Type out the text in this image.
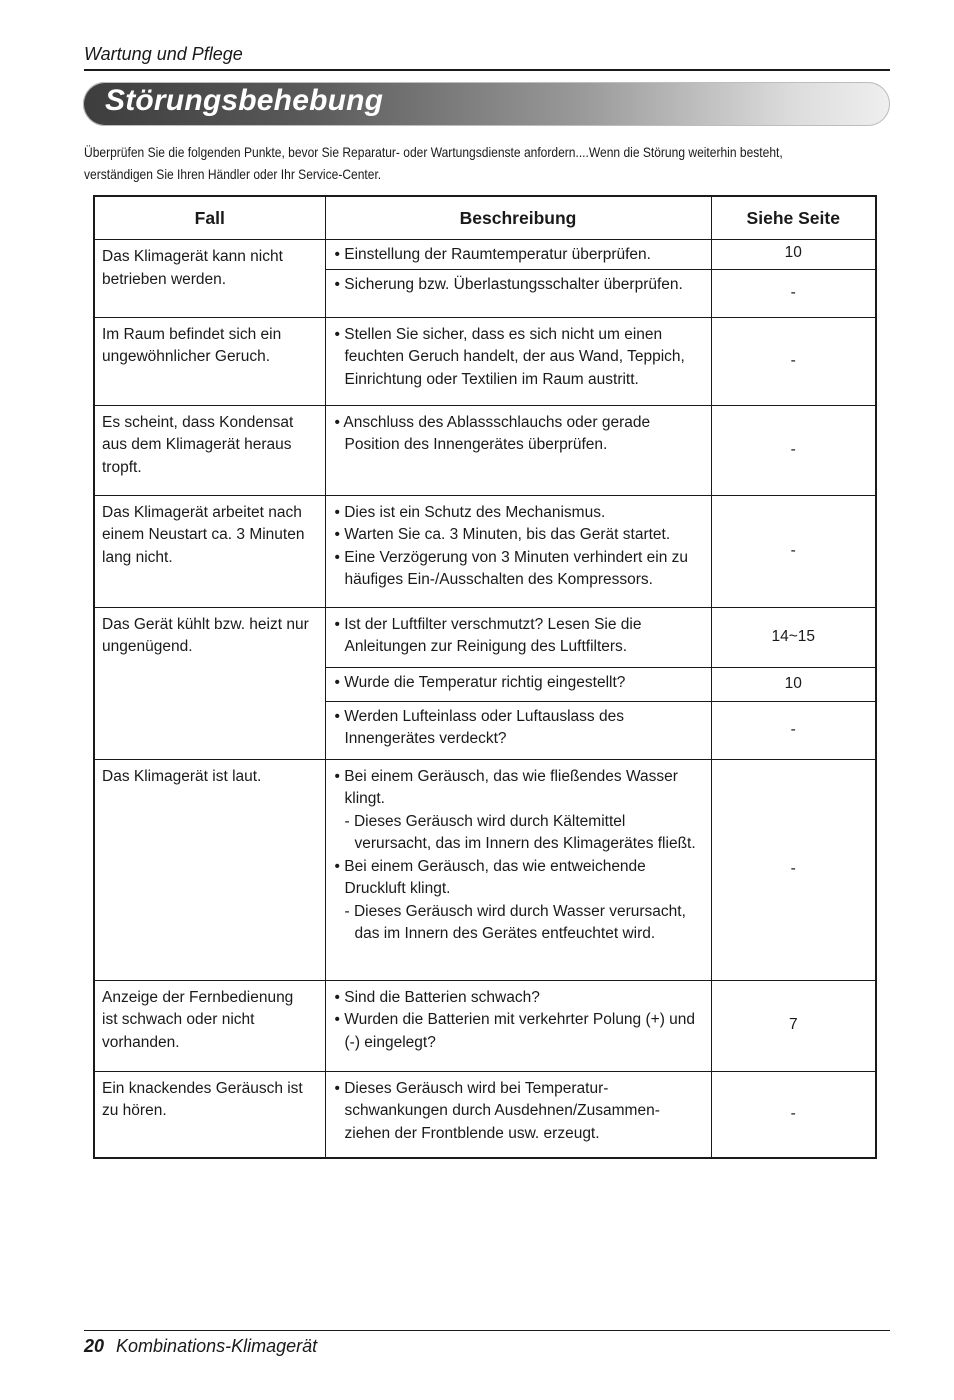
Wartung und Pflege
Störungsbehebung
Überprüfen Sie die folgenden Punkte, bevor Sie Reparatur- oder Wartungsdienste anfordern....Wenn die Störung weiterhin besteht,
verständigen Sie Ihren Händler oder Ihr Service-Center.
Fall	Beschreibung	Siehe Seite

Das Klimagerät kann nicht
betrieben werden.	• Einstellung der Raumtemperatur überprüfen.	10

	• Sicherung bzw. Überlastungsschalter überprüfen.	-

Im Raum befindet sich ein
ungewöhnlicher Geruch.	• Stellen Sie sicher, dass es sich nicht um einen feuchten Geruch handelt, der aus Wand, Teppich, Einrichtung oder Textilien im Raum austritt.	-

Es scheint, dass Kondensat
aus dem Klimagerät heraus
tropft.	• Anschluss des Ablassschlauchs oder gerade Position des Innengerätes überprüfen.	-

Das Klimagerät arbeitet nach
einem Neustart ca. 3 Minuten
lang nicht.	• Dies ist ein Schutz des Mechanismus.
• Warten Sie ca. 3 Minuten, bis das Gerät startet.
• Eine Verzögerung von 3 Minuten verhindert ein zu häufiges Ein-/Ausschalten des Kompressors.	-

Das Gerät kühlt bzw. heizt nur
ungenügend.	• Ist der Luftfilter verschmutzt? Lesen Sie die Anleitungen zur Reinigung des Luftfilters.	14~15

	• Wurde die Temperatur richtig eingestellt?	10

	• Werden Lufteinlass oder Luftauslass des Innengerätes verdeckt?	-

Das Klimagerät ist laut.	• Bei einem Geräusch, das wie fließendes Wasser klingt.
- Dieses Geräusch wird durch Kältemittel verursacht, das im Innern des Klimagerätes fließt.
• Bei einem Geräusch, das wie entweichende Druckluft klingt.
- Dieses Geräusch wird durch Wasser verursacht, das im Innern des Gerätes entfeuchtet wird.	-

Anzeige der Fernbedienung
ist schwach oder nicht
vorhanden.	• Sind die Batterien schwach?
• Wurden die Batterien mit verkehrter Polung (+) und (-) eingelegt?	7

Ein knackendes Geräusch ist
zu hören.	• Dieses Geräusch wird bei Temperatur-schwankungen durch Ausdehnen/Zusammen-ziehen der Frontblende usw. erzeugt.	-
20 Kombinations-Klimagerät
